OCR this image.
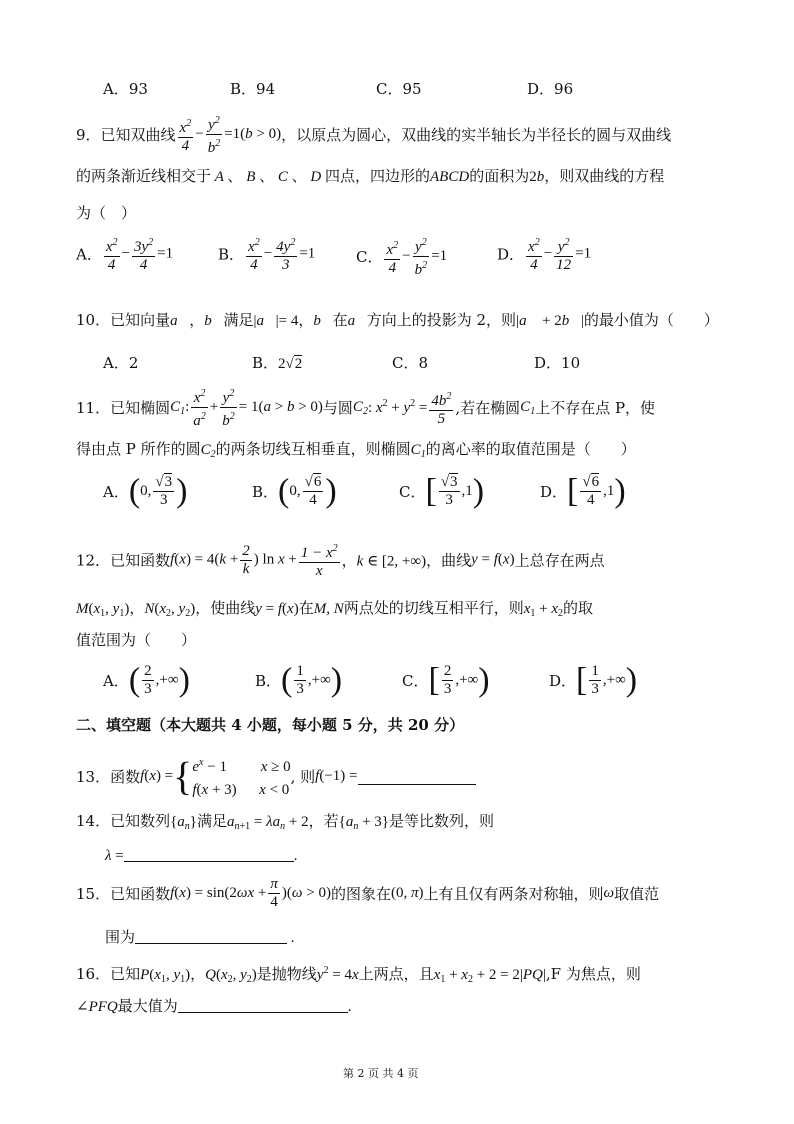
A．93	B．94	C．95	D．96
9．已知双曲线 $\frac{x^2}{4} - \frac{y^2}{b^2} =1(b > 0)$，以原点为圆心，双曲线的实半轴长为半径长的圆与双曲线
的两条渐近线相交于 A 、 B 、 C 、 D 四点，四边形的ABCD的面积为2b，则双曲线的方程
为（　）
A． $\frac{x^2}{4} - \frac{3y^2}{4} =1$	B． $\frac{x^2}{4} - \frac{4y^2}{3} =1$	C． $\frac{x^2}{4} - \frac{y^2}{b^2} =1$	D． $\frac{x^2}{4} - \frac{y^2}{12} =1$
10．已知向量a⃗，b⃗满足|a⃗|= 4，b⃗在a⃗方向上的投影为 2，则|a⃗ + 2b⃗|的最小值为（　　）
A．2	B．2√2	C．8	D．10
11．已知椭圆$C_1$: $\frac{x^2}{a^2} + \frac{y^2}{b^2} = 1(a > b > 0)$与圆$C_2$: $x^2 + y^2 = \frac{4b^2}{5}$ ,若在椭圆$C_1$上不存在点 P，使
得由点 P 所作的圆$C_2$的两条切线互相垂直，则椭圆$C_1$的离心率的取值范围是（　　）
A．(0, $\frac{√3}{3}$ )	B．(0, $\frac{√6}{4}$ )	C．[ $\frac{√3}{3} ,1$)	D．[ $\frac{√6}{4} ,1$)
12．已知函数$f(x) = 4(k + \frac{2}{k}$ ) $\ln x + \frac{1 - x^2}{x}$ ，k ∈ [2, +∞)，曲线y = f(x)上总存在两点
$M(x_1$, $y_1$)，$N(x_2$, $y_2$)，使曲线y = f(x)在M, N两点处的切线互相平行，则$x_1 + x_2$的取
值范围为（　　）
A．( $\frac{2}{3}$ ,+∞)	B．( $\frac{1}{3}$ ,+∞)	C．[ $\frac{2}{3}$ ,+∞)	D．[ $\frac{1}{3}$ ,+∞)
二、填空题（本大题共 4 小题，每小题 5 分，共 20 分）
13．函数f(x) ={ $e^x - 1$         x ≥ 0
f(x + 3)      x < 0
, 则f(−1) =
14．已知数列$\{a_n\}$满足$a_{n+1} = \lambda a_n + 2$，若$\{a_n + 3\}$是等比数列，则
λ =	.
15．已知函数$f(x) = \sin(2\omega x + \frac{\pi}{4} )(\omega > 0)$的图象在(0, π)上有且仅有两条对称轴，则ω取值范
围为	.
16．已知$P(x_1$, $y_1$)，$Q(x_2$, $y_2$)是抛物线$y^2 = 4x$上两点，且$x_1 + x_2 + 2 = 2|PQ|,F$ 为焦点，则
∠PFQ最大值为	.
第 2 页 共 4 页
